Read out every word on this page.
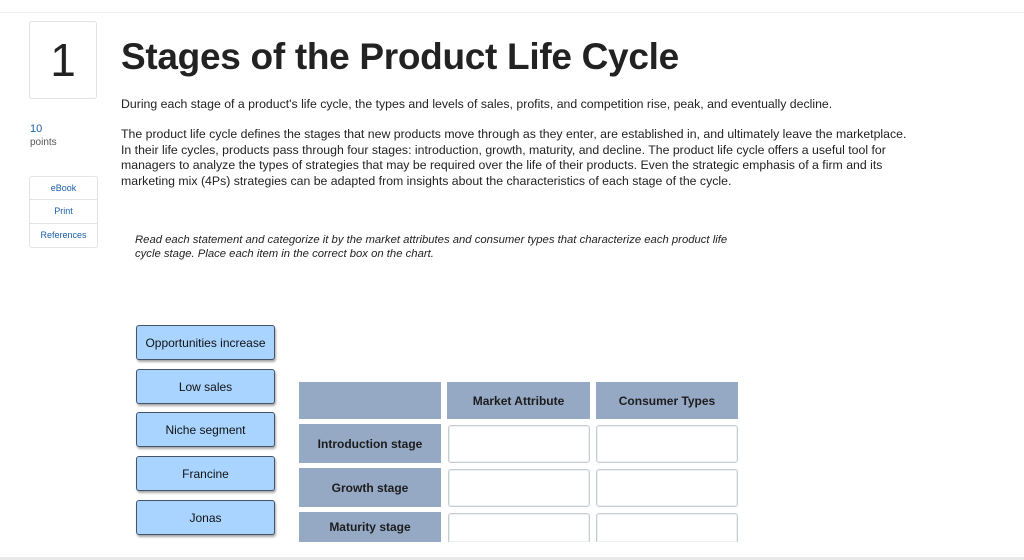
1
10
points
eBook
Print
References
Stages of the Product Life Cycle

During each stage of a product's life cycle, the types and levels of sales, profits, and competition rise, peak, and eventually decline.

The product life cycle defines the stages that new products move through as they enter, are established in, and ultimately leave the marketplace. In their life cycles, products pass through four stages: introduction, growth, maturity, and decline. The product life cycle offers a useful tool for managers to analyze the types of strategies that may be required over the life of their products. Even the strategic emphasis of a firm and its marketing mix (4Ps) strategies can be adapted from insights about the characteristics of each stage of the cycle.

Read each statement and categorize it by the market attributes and consumer types that characterize each product life cycle stage. Place each item in the correct box on the chart.

Opportunities increase
Low sales
Niche segment
Francine
Jonas
Market Attribute	Consumer Types
Introduction stage
Growth stage
Maturity stage
